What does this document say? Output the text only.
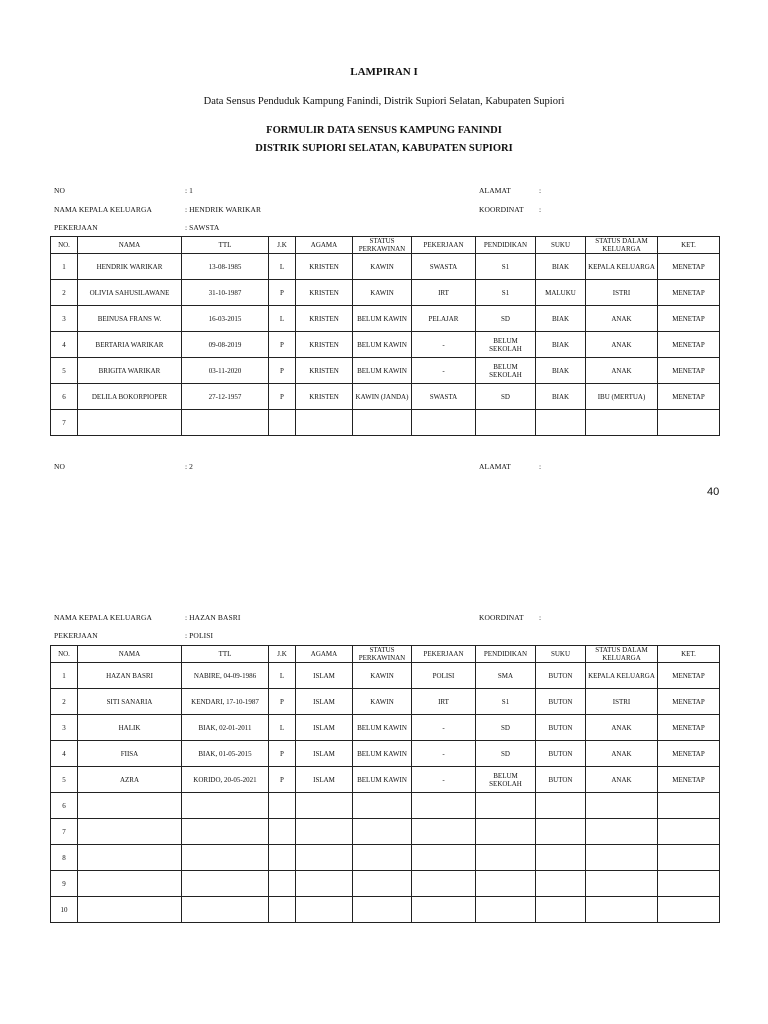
LAMPIRAN I
Data Sensus Penduduk Kampung Fanindi, Distrik Supiori Selatan, Kabupaten Supiori
FORMULIR DATA SENSUS KAMPUNG FANINDI
DISTRIK SUPIORI SELATAN, KABUPATEN SUPIORI
NO	: 1	ALAMAT	:
NAMA KEPALA KELUARGA	: HENDRIK WARIKAR	KOORDINAT :
PEKERJAAN	: SAWSTA
NO.	NAMA	TTL	J.K	AGAMA	STATUS PERKAWINAN	PEKERJAAN	PENDIDIKAN	SUKU	STATUS DALAM KELUARGA	KET.
1	HENDRIK WARIKAR	13-08-1985	L	KRISTEN	KAWIN	SWASTA	S1	BIAK	KEPALA KELUARGA	MENETAP
2	OLIVIA SAHUSILAWANE	31-10-1987	P	KRISTEN	KAWIN	IRT	S1	MALUKU	ISTRI	MENETAP
3	BEINUSA FRANS W.	16-03-2015	L	KRISTEN	BELUM KAWIN	PELAJAR	SD	BIAK	ANAK	MENETAP
4	BERTARIA WARIKAR	09-08-2019	P	KRISTEN	BELUM KAWIN	-	BELUM SEKOLAH	BIAK	ANAK	MENETAP
5	BRIGITA WARIKAR	03-11-2020	P	KRISTEN	BELUM KAWIN	-	BELUM SEKOLAH	BIAK	ANAK	MENETAP
6	DELILA BOKORPIOPER	27-12-1957	P	KRISTEN	KAWIN (JANDA)	SWASTA	SD	BIAK	IBU (MERTUA)	MENETAP
7										
NO	: 2	ALAMAT	:
40
NAMA KEPALA KELUARGA	: HAZAN BASRI	KOORDINAT :
PEKERJAAN	: POLISI
NO.	NAMA	TTL	J.K	AGAMA	STATUS PERKAWINAN	PEKERJAAN	PENDIDIKAN	SUKU	STATUS DALAM KELUARGA	KET.
1	HAZAN BASRI	NABIRE, 04-09-1986	L	ISLAM	KAWIN	POLISI	SMA	BUTON	KEPALA KELUARGA	MENETAP
2	SITI SANARIA	KENDARI, 17-10-1987	P	ISLAM	KAWIN	IRT	S1	BUTON	ISTRI	MENETAP
3	HALIK	BIAK, 02-01-2011	L	ISLAM	BELUM KAWIN	-	SD	BUTON	ANAK	MENETAP
4	FIISA	BIAK, 01-05-2015	P	ISLAM	BELUM KAWIN	-	SD	BUTON	ANAK	MENETAP
5	AZRA	KORIDO, 20-05-2021	P	ISLAM	BELUM KAWIN	-	BELUM SEKOLAH	BUTON	ANAK	MENETAP
6										
7										
8										
9										
10										
